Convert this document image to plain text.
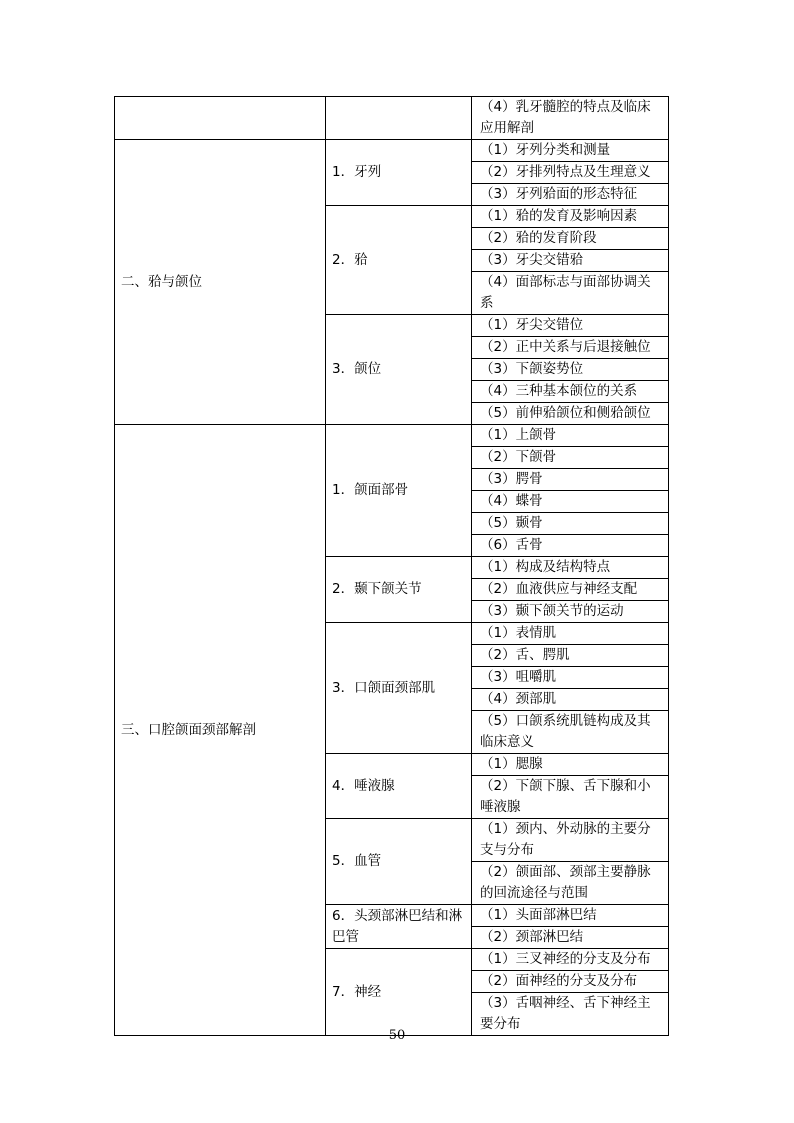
		（4）乳牙髓腔的特点及临床应用解剖
二、𬌗与颌位	1．牙列	（1）牙列分类和测量
		（2）牙排列特点及生理意义
		（3）牙列𬌗面的形态特征
	2．𬌗	（1）𬌗的发育及影响因素
		（2）𬌗的发育阶段
		（3）牙尖交错𬌗
		（4）面部标志与面部协调关系
	3．颌位	（1）牙尖交错位
		（2）正中关系与后退接触位
		（3）下颌姿势位
		（4）三种基本颌位的关系
		（5）前伸𬌗颌位和侧𬌗颌位
三、口腔颌面颈部解剖	1．颌面部骨	（1）上颌骨
		（2）下颌骨
		（3）腭骨
		（4）蝶骨
		（5）颞骨
		（6）舌骨
	2．颞下颌关节	（1）构成及结构特点
		（2）血液供应与神经支配
		（3）颞下颌关节的运动
	3．口颌面颈部肌	（1）表情肌
		（2）舌、腭肌
		（3）咀嚼肌
		（4）颈部肌
		（5）口颌系统肌链构成及其临床意义
	4．唾液腺	（1）腮腺
		（2）下颌下腺、舌下腺和小唾液腺
	5．血管	（1）颈内、外动脉的主要分支与分布
		（2）颌面部、颈部主要静脉的回流途径与范围
	6．头颈部淋巴结和淋巴管	（1）头面部淋巴结
		（2）颈部淋巴结
	7．神经	（1）三叉神经的分支及分布
		（2）面神经的分支及分布
		（3）舌咽神经、舌下神经主要分布
50
